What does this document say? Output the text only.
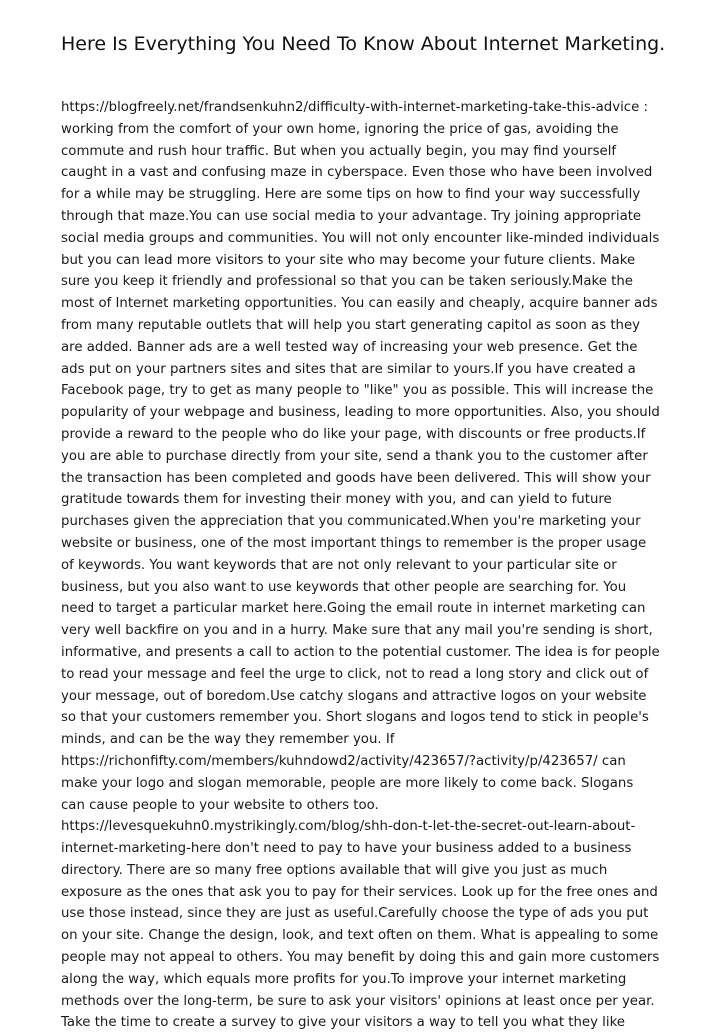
Here Is Everything You Need To Know About Internet Marketing.

https://blogfreely.net/frandsenkuhn2/difficulty-with-internet-marketing-take-this-advice : working from the comfort of your own home, ignoring the price of gas, avoiding the commute and rush hour traffic. But when you actually begin, you may find yourself caught in a vast and confusing maze in cyberspace. Even those who have been involved for a while may be struggling. Here are some tips on how to find your way successfully through that maze.You can use social media to your advantage. Try joining appropriate social media groups and communities. You will not only encounter like-minded individuals but you can lead more visitors to your site who may become your future clients. Make sure you keep it friendly and professional so that you can be taken seriously.Make the most of Internet marketing opportunities. You can easily and cheaply, acquire banner ads from many reputable outlets that will help you start generating capitol as soon as they are added. Banner ads are a well tested way of increasing your web presence. Get the ads put on your partners sites and sites that are similar to yours.If you have created a Facebook page, try to get as many people to "like" you as possible. This will increase the popularity of your webpage and business, leading to more opportunities. Also, you should provide a reward to the people who do like your page, with discounts or free products.If you are able to purchase directly from your site, send a thank you to the customer after the transaction has been completed and goods have been delivered. This will show your gratitude towards them for investing their money with you, and can yield to future purchases given the appreciation that you communicated.When you're marketing your website or business, one of the most important things to remember is the proper usage of keywords. You want keywords that are not only relevant to your particular site or business, but you also want to use keywords that other people are searching for. You need to target a particular market here.Going the email route in internet marketing can very well backfire on you and in a hurry. Make sure that any mail you're sending is short, informative, and presents a call to action to the potential customer. The idea is for people to read your message and feel the urge to click, not to read a long story and click out of your message, out of boredom.Use catchy slogans and attractive logos on your website so that your customers remember you. Short slogans and logos tend to stick in people's minds, and can be the way they remember you. If https://richonfifty.com/members/kuhndowd2/activity/423657/?activity/p/423657/ can make your logo and slogan memorable, people are more likely to come back. Slogans can cause people to your website to others too. https://levesquekuhn0.mystrikingly.com/blog/shh-don-t-let-the-secret-out-learn-about-internet-marketing-here don't need to pay to have your business added to a business directory. There are so many free options available that will give you just as much exposure as the ones that ask you to pay for their services. Look up for the free ones and use those instead, since they are just as useful.Carefully choose the type of ads you put on your site. Change the design, look, and text often on them. What is appealing to some people may not appeal to others. You may benefit by doing this and gain more customers along the way, which equals more profits for you.To improve your internet marketing methods over the long-term, be sure to ask your visitors' opinions at least once per year. Take the time to create a survey to give your visitors a way to tell you what they like
